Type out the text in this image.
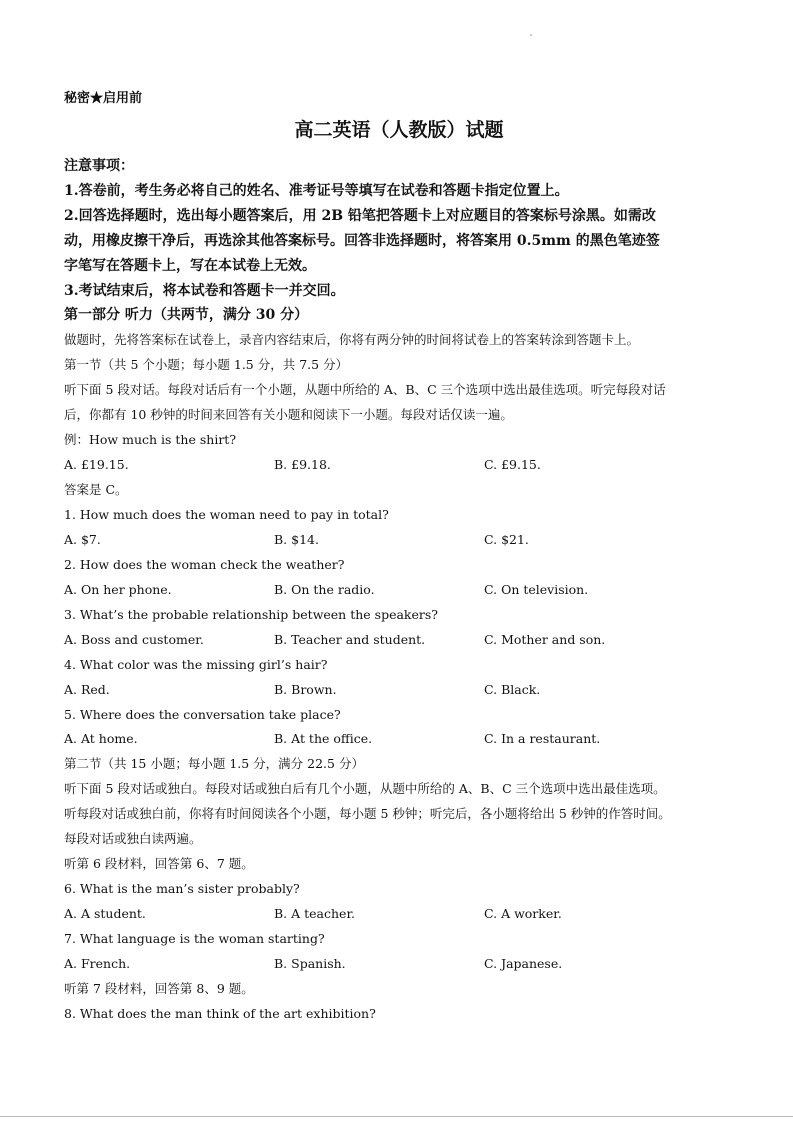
秘密★启用前
高二英语（人教版）试题
注意事项：
1.答卷前，考生务必将自己的姓名、准考证号等填写在试卷和答题卡指定位置上。
2.回答选择题时，选出每小题答案后，用 2B 铅笔把答题卡上对应题目的答案标号涂黑。如需改
动，用橡皮擦干净后，再选涂其他答案标号。回答非选择题时，将答案用 0.5mm 的黑色笔迹签
字笔写在答题卡上，写在本试卷上无效。
3.考试结束后，将本试卷和答题卡一并交回。
第一部分 听力（共两节，满分 30 分）
做题时，先将答案标在试卷上，录音内容结束后，你将有两分钟的时间将试卷上的答案转涂到答题卡上。
第一节（共 5 个小题；每小题 1.5 分，共 7.5 分）
听下面 5 段对话。每段对话后有一个小题，从题中所给的 A、B、C 三个选项中选出最佳选项。听完每段对话
后，你都有 10 秒钟的时间来回答有关小题和阅读下一小题。每段对话仅读一遍。
例：How much is the shirt?
A. £19.15.	B. £9.18.	C. £9.15.
答案是 C。
1. How much does the woman need to pay in total?
A. $7.	B. $14.	C. $21.
2. How does the woman check the weather?
A. On her phone.	B. On the radio.	C. On television.
3. What’s the probable relationship between the speakers?
A. Boss and customer.	B. Teacher and student.	C. Mother and son.
4. What color was the missing girl’s hair?
A. Red.	B. Brown.	C. Black.
5. Where does the conversation take place?
A. At home.	B. At the office.	C. In a restaurant.
第二节（共 15 小题；每小题 1.5 分，满分 22.5 分）
听下面 5 段对话或独白。每段对话或独白后有几个小题，从题中所给的 A、B、C 三个选项中选出最佳选项。
听每段对话或独白前，你将有时间阅读各个小题，每小题 5 秒钟；听完后，各小题将给出 5 秒钟的作答时间。
每段对话或独白读两遍。
听第 6 段材料，回答第 6、7 题。
6. What is the man’s sister probably?
A. A student.	B. A teacher.	C. A worker.
7. What language is the woman starting?
A. French.	B. Spanish.	C. Japanese.
听第 7 段材料，回答第 8、9 题。
8. What does the man think of the art exhibition?
